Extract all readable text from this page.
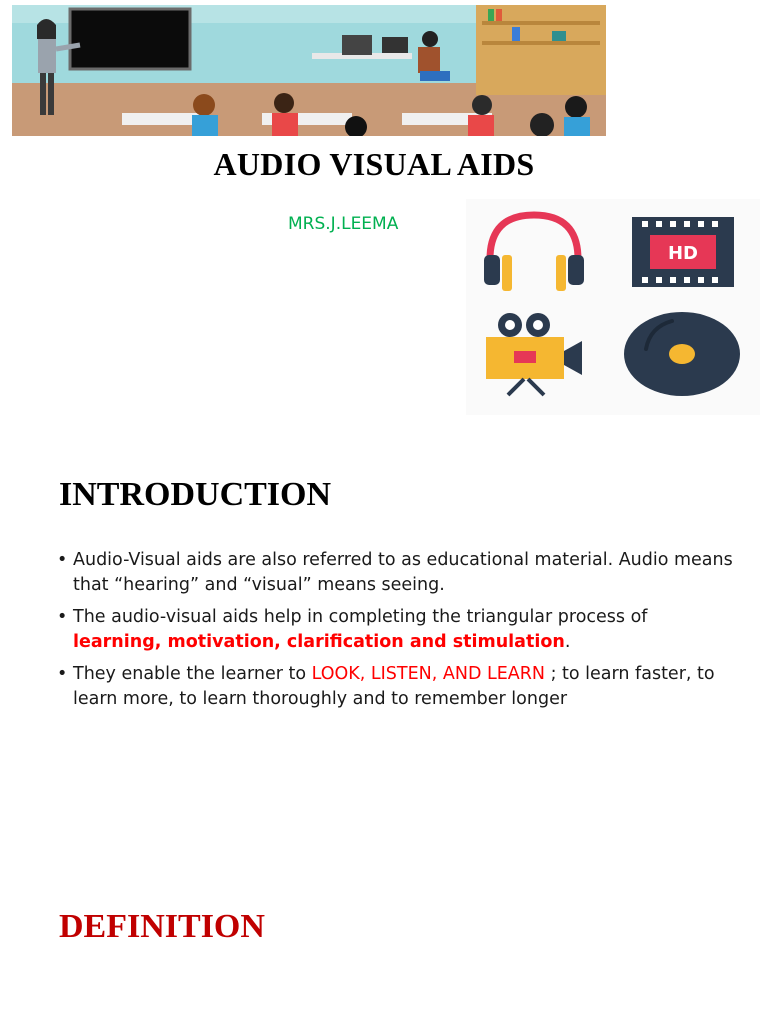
AUDIO VISUAL AIDS
MRS.J.LEEMA
HD
INTRODUCTION
• Audio-Visual aids are also referred to as educational material. Audio means that “hearing” and “visual” means seeing.
• The audio-visual aids help in completing the triangular process of learning, motivation, clarification and stimulation.
• They enable the learner to LOOK, LISTEN, AND LEARN ; to learn faster, to learn more, to learn thoroughly and to remember longer
DEFINITION
